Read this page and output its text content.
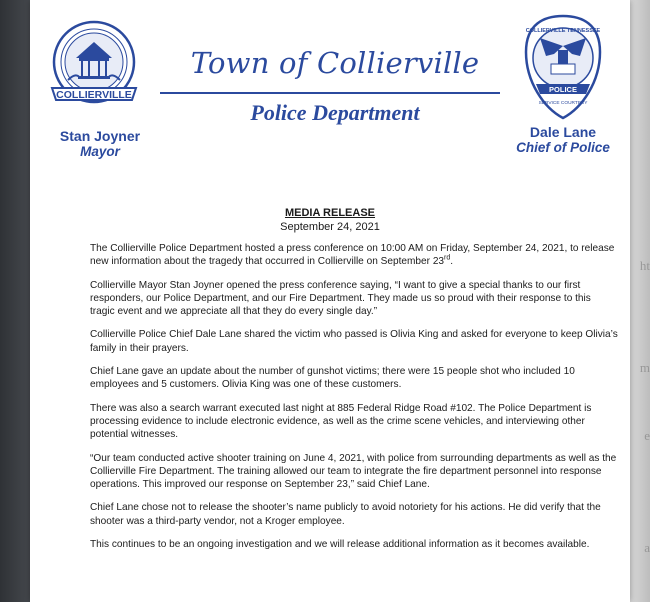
ht
m
e
a
COLLIERVILLE
Stan Joyner
Mayor
Town of Collierville
Police Department
COLLIERVILLE TENNESSEE
POLICE
SERVICE COURTESY
Dale Lane
Chief of Police
MEDIA RELEASE
September 24, 2021

The Collierville Police Department hosted a press conference on 10:00 AM on Friday, September 24, 2021, to release new information about the tragedy that occurred in Collierville on September 23rd.

Collierville Mayor Stan Joyner opened the press conference saying, “I want to give a special thanks to our first responders, our Police Department, and our Fire Department. They made us so proud with their response to this tragic event and we appreciate all that they do every single day.”

Collierville Police Chief Dale Lane shared the victim who passed is Olivia King and asked for everyone to keep Olivia’s family in their prayers.

Chief Lane gave an update about the number of gunshot victims; there were 15 people shot who included 10 employees and 5 customers. Olivia King was one of these customers.

There was also a search warrant executed last night at 885 Federal Ridge Road #102. The Police Department is processing evidence to include electronic evidence, as well as the crime scene vehicles, and interviewing other potential witnesses.

“Our team conducted active shooter training on June 4, 2021, with police from surrounding departments as well as the Collierville Fire Department. The training allowed our team to integrate the fire department personnel into response operations. This improved our response on September 23,” said Chief Lane.

Chief Lane chose not to release the shooter’s name publicly to avoid notoriety for his actions. He did verify that the shooter was a third-party vendor, not a Kroger employee.

This continues to be an ongoing investigation and we will release additional information as it becomes available.
